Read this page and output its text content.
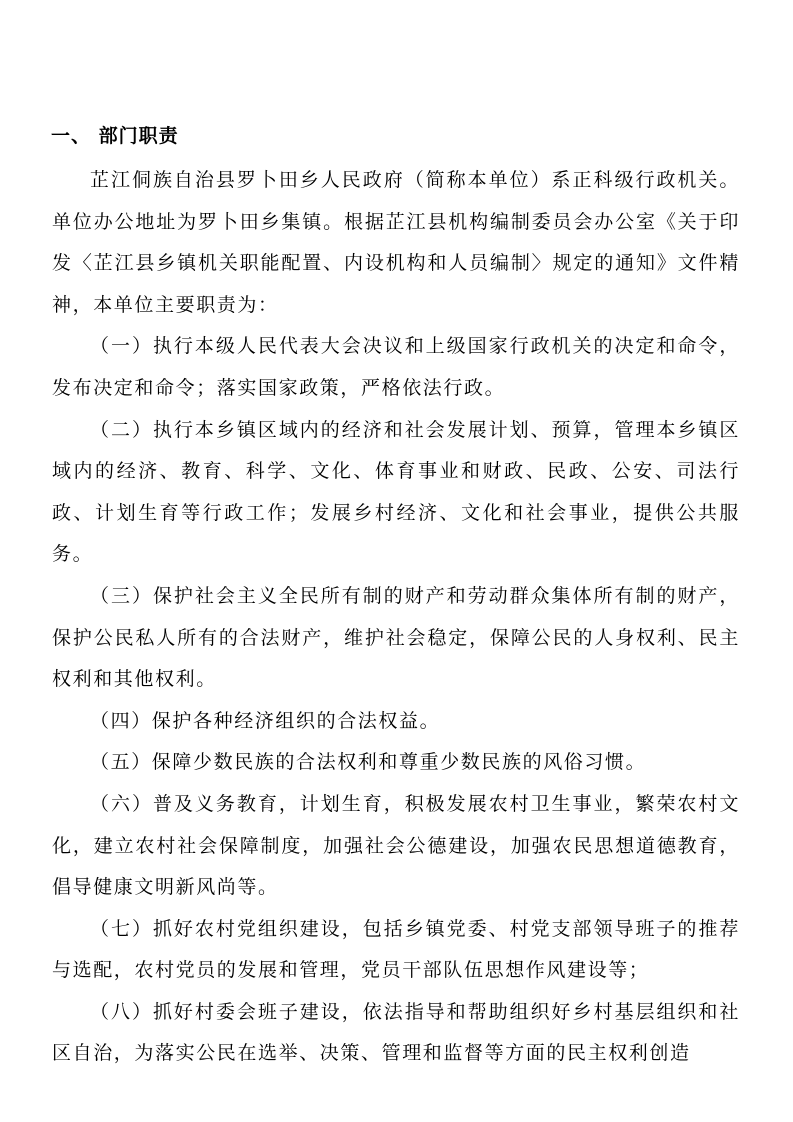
一、 部门职责

芷江侗族自治县罗卜田乡人民政府（简称本单位）系正科级行政机关。单位办公地址为罗卜田乡集镇。根据芷江县机构编制委员会办公室《关于印发〈芷江县乡镇机关职能配置、内设机构和人员编制〉规定的通知》文件精神，本单位主要职责为：

（一）执行本级人民代表大会决议和上级国家行政机关的决定和命令，发布决定和命令；落实国家政策，严格依法行政。

（二）执行本乡镇区域内的经济和社会发展计划、预算，管理本乡镇区域内的经济、教育、科学、文化、体育事业和财政、民政、公安、司法行政、计划生育等行政工作；发展乡村经济、文化和社会事业，提供公共服务。

（三）保护社会主义全民所有制的财产和劳动群众集体所有制的财产，保护公民私人所有的合法财产，维护社会稳定，保障公民的人身权利、民主权利和其他权利。

（四）保护各种经济组织的合法权益。

（五）保障少数民族的合法权利和尊重少数民族的风俗习惯。

（六）普及义务教育，计划生育，积极发展农村卫生事业，繁荣农村文化，建立农村社会保障制度，加强社会公德建设，加强农民思想道德教育，倡导健康文明新风尚等。

（七）抓好农村党组织建设，包括乡镇党委、村党支部领导班子的推荐与选配，农村党员的发展和管理，党员干部队伍思想作风建设等；

（八）抓好村委会班子建设，依法指导和帮助组织好乡村基层组织和社区自治，为落实公民在选举、决策、管理和监督等方面的民主权利创造
